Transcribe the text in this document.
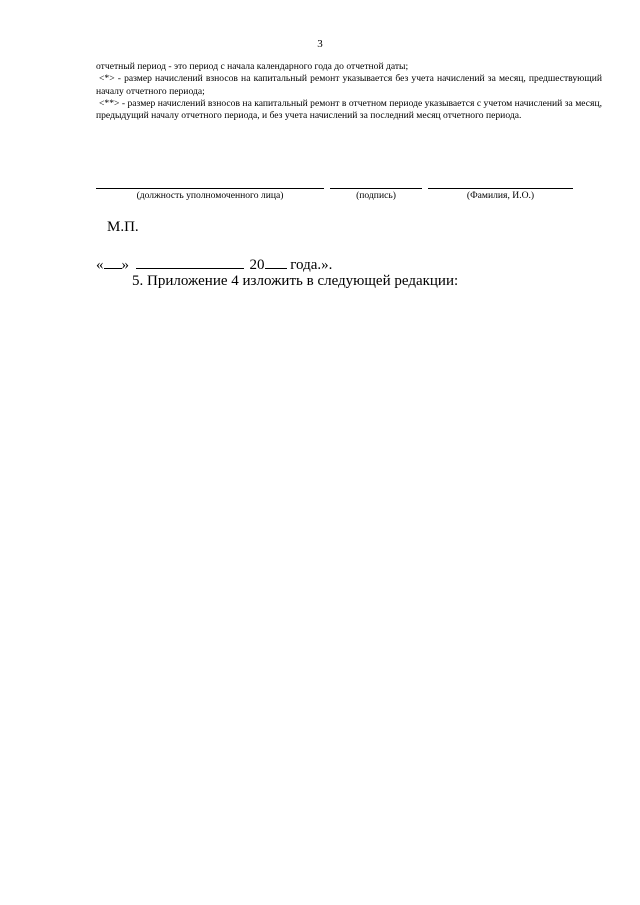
3

отчетный период - это период с начала календарного года до отчетной даты;

<*> - размер начислений взносов на капитальный ремонт указывается без учета начислений за месяц, предшествующий началу отчетного периода;

<**> - размер начислений взносов на капитальный ремонт в отчетном периоде указывается с учетом начислений за месяц, предыдущий началу отчетного периода, и без учета начислений за последний месяц отчетного периода.

(должность уполномоченного лица)	(подпись)	(Фамилия, И.О.)
М.П.
« »	20 года.».
5. Приложение 4 изложить в следующей редакции:
